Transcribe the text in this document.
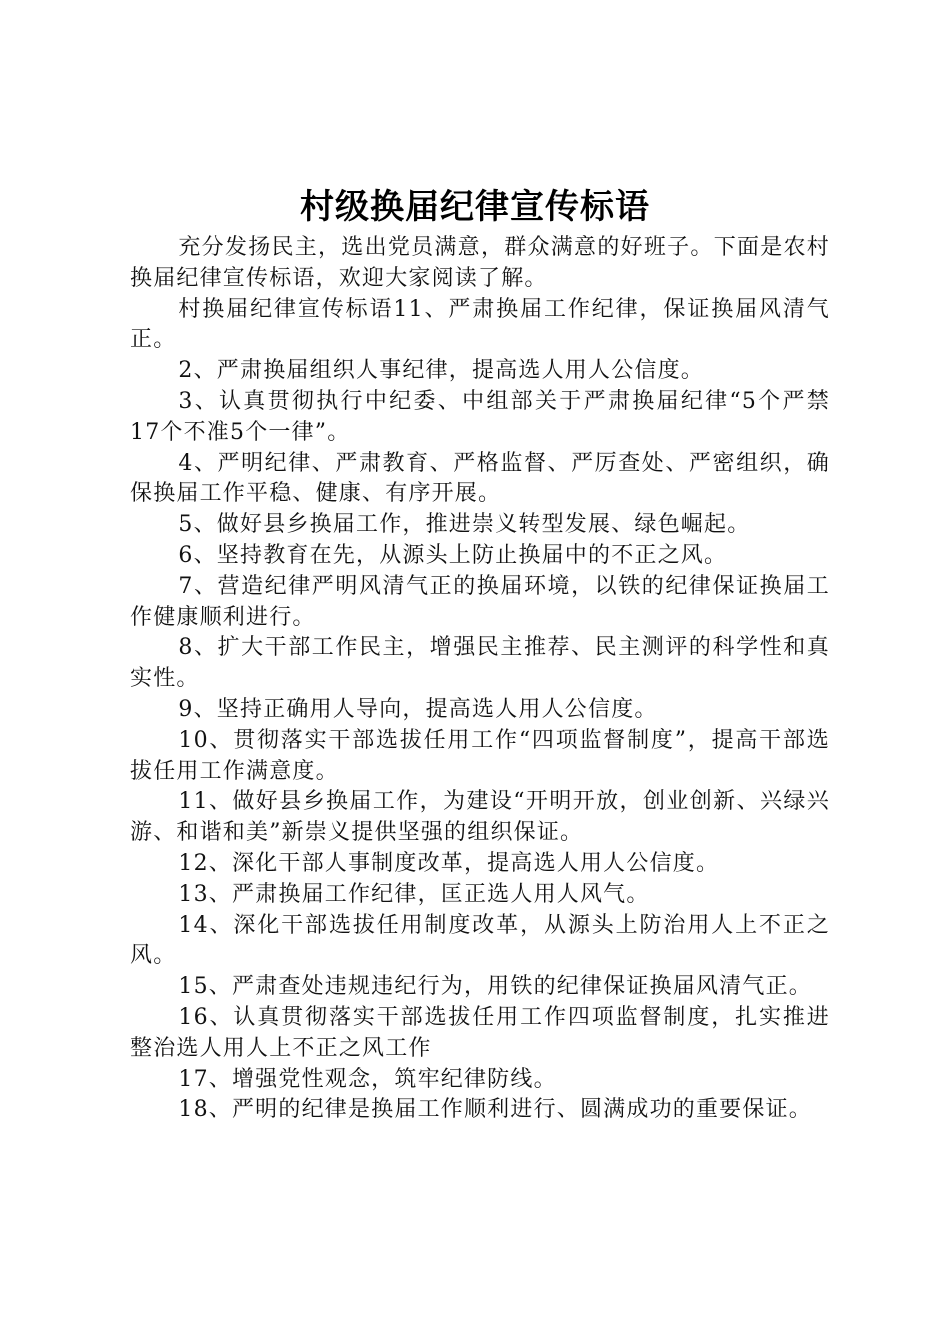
村级换届纪律宣传标语

充分发扬民主，选出党员满意，群众满意的好班子。下面是农村换届纪律宣传标语，欢迎大家阅读了解。

村换届纪律宣传标语11、严肃换届工作纪律，保证换届风清气正。

2、严肃换届组织人事纪律，提高选人用人公信度。

3、认真贯彻执行中纪委、中组部关于严肃换届纪律“5个严禁17个不准5个一律”。

4、严明纪律、严肃教育、严格监督、严厉查处、严密组织，确保换届工作平稳、健康、有序开展。

5、做好县乡换届工作，推进崇义转型发展、绿色崛起。

6、坚持教育在先，从源头上防止换届中的不正之风。

7、营造纪律严明风清气正的换届环境，以铁的纪律保证换届工作健康顺利进行。

8、扩大干部工作民主，增强民主推荐、民主测评的科学性和真实性。

9、坚持正确用人导向，提高选人用人公信度。

10、贯彻落实干部选拔任用工作“四项监督制度”，提高干部选拔任用工作满意度。

11、做好县乡换届工作，为建设“开明开放，创业创新、兴绿兴游、和谐和美”新崇义提供坚强的组织保证。

12、深化干部人事制度改革，提高选人用人公信度。

13、严肃换届工作纪律，匡正选人用人风气。

14、深化干部选拔任用制度改革，从源头上防治用人上不正之风。

15、严肃查处违规违纪行为，用铁的纪律保证换届风清气正。

16、认真贯彻落实干部选拔任用工作四项监督制度，扎实推进整治选人用人上不正之风工作

17、增强党性观念，筑牢纪律防线。

18、严明的纪律是换届工作顺利进行、圆满成功的重要保证。
